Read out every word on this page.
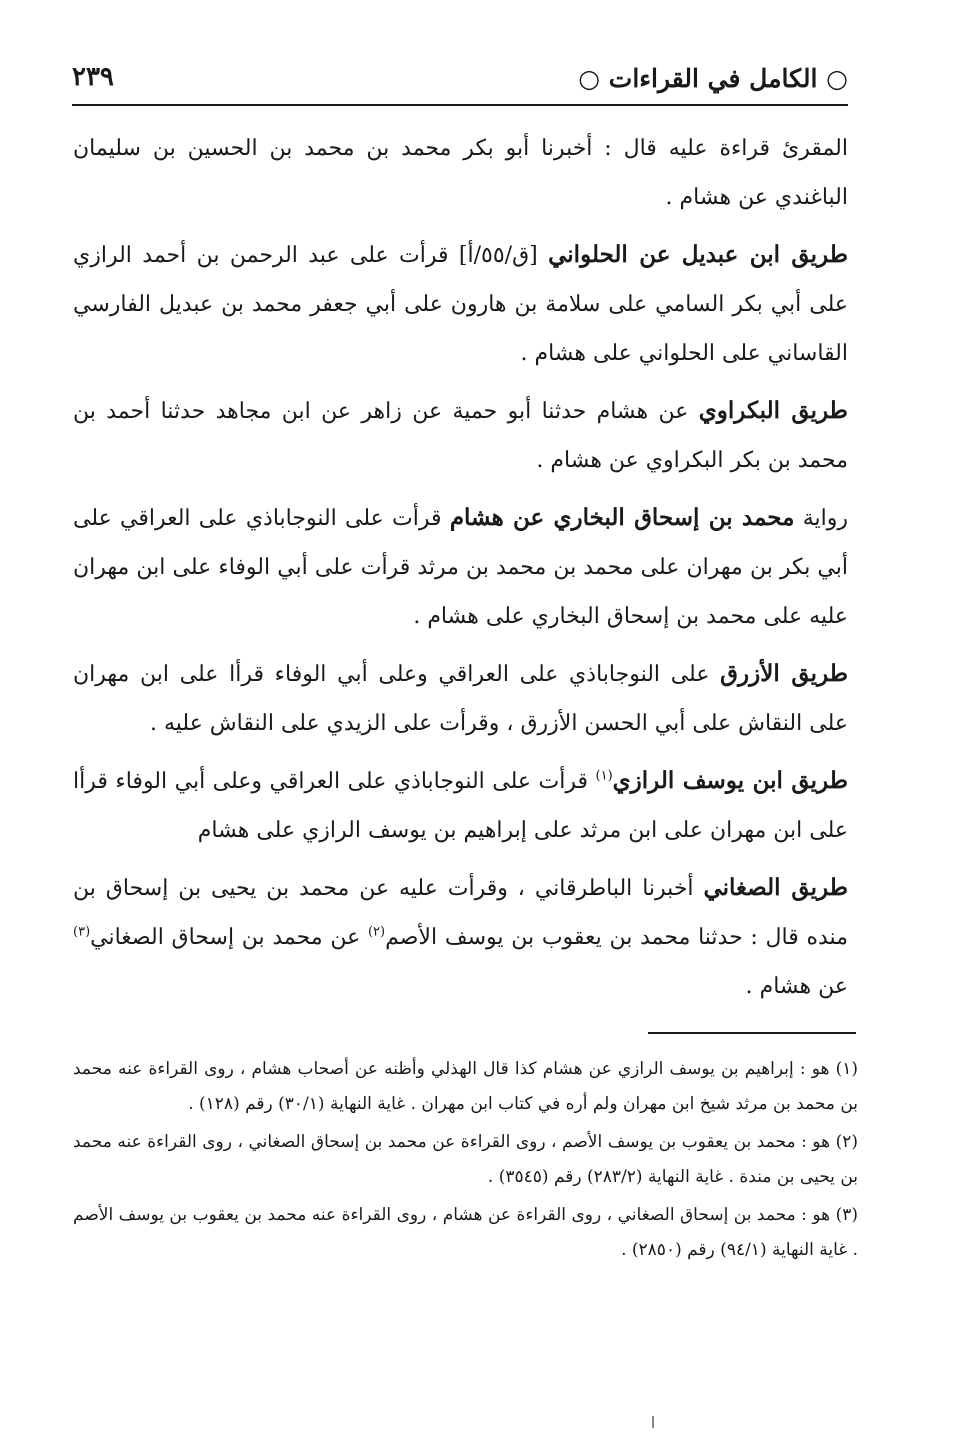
○ الكامل في القراءات ○
٢٣٩

المقرئ قراءة عليه قال : أخبرنا أبو بكر محمد بن محمد بن الحسين بن سليمان الباغندي عن هشام .

طريق ابن عبديل عن الحلواني [ق/٥٥/أ] قرأت على عبد الرحمن بن أحمد الرازي على أبي بكر السامي على سلامة بن هارون على أبي جعفر محمد بن عبديل الفارسي القاساني على الحلواني على هشام .

طريق البكراوي عن هشام حدثنا أبو حمية عن زاهر عن ابن مجاهد حدثنا أحمد بن محمد بن بكر البكراوي عن هشام .

رواية محمد بن إسحاق البخاري عن هشام قرأت على النوجاباذي على العراقي على أبي بكر بن مهران على محمد بن محمد بن مرثد قرأت على أبي الوفاء على ابن مهران عليه على محمد بن إسحاق البخاري على هشام .

طريق الأزرق على النوجاباذي على العراقي وعلى أبي الوفاء قرأا على ابن مهران على النقاش على أبي الحسن الأزرق ، وقرأت على الزيدي على النقاش عليه .

طريق ابن يوسف الرازي$^{(١)}$ قرأت على النوجاباذي على العراقي وعلى أبي الوفاء قرأا على ابن مهران على ابن مرثد على إبراهيم بن يوسف الرازي على هشام

طريق الصغاني أخبرنا الباطرقاني ، وقرأت عليه عن محمد بن يحيى بن إسحاق بن منده قال : حدثنا محمد بن يعقوب بن يوسف الأصم$^{(٢)}$ عن محمد بن إسحاق الصغاني$^{(٣)}$ عن هشام .

(١) هو : إبراهيم بن يوسف الرازي عن هشام كذا قال الهذلي وأظنه عن أصحاب هشام ، روى القراءة عنه محمد بن محمد بن مرثد شيخ ابن مهران ولم أره في كتاب ابن مهران . غاية النهاية (٣٠/١) رقم (١٢٨) .

(٢) هو : محمد بن يعقوب بن يوسف الأصم ، روى القراءة عن محمد بن إسحاق الصغاني ، روى القراءة عنه محمد بن يحيى بن مندة . غاية النهاية (٢٨٣/٢) رقم (٣٥٤٥) .

(٣) هو : محمد بن إسحاق الصغاني ، روى القراءة عن هشام ، روى القراءة عنه محمد بن يعقوب بن يوسف الأصم . غاية النهاية (٩٤/١) رقم (٢٨٥٠) .
